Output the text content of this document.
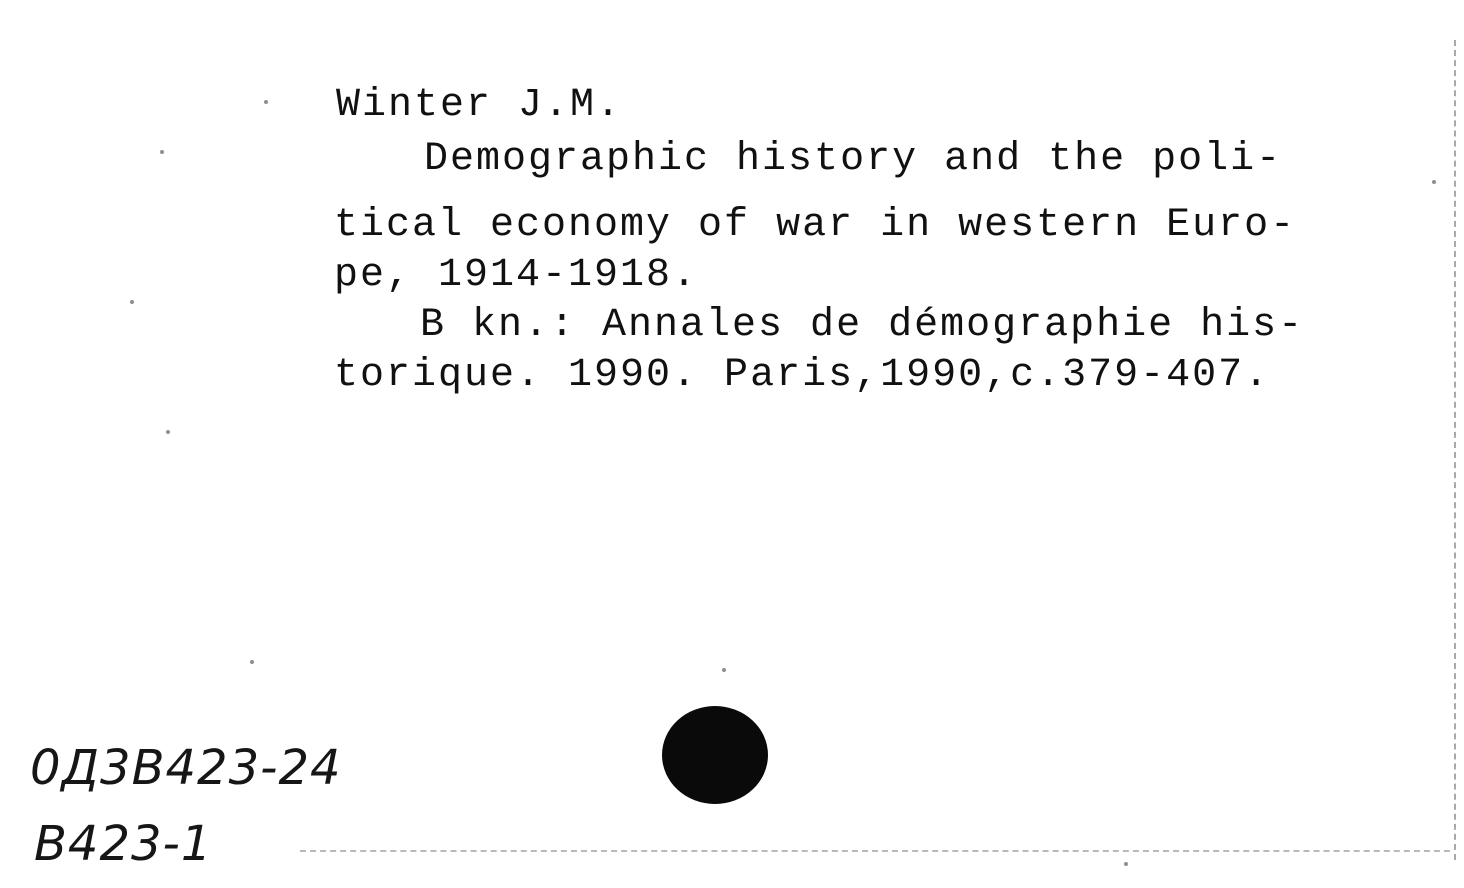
Winter J.M.
Demographic history and the poli-
tical economy of war in western Euro-
pe, 1914-1918.
B kn.: Annales de démographie his-
torique. 1990. Paris,1990,c.379-407.
0Д3В423-24
В423-1
